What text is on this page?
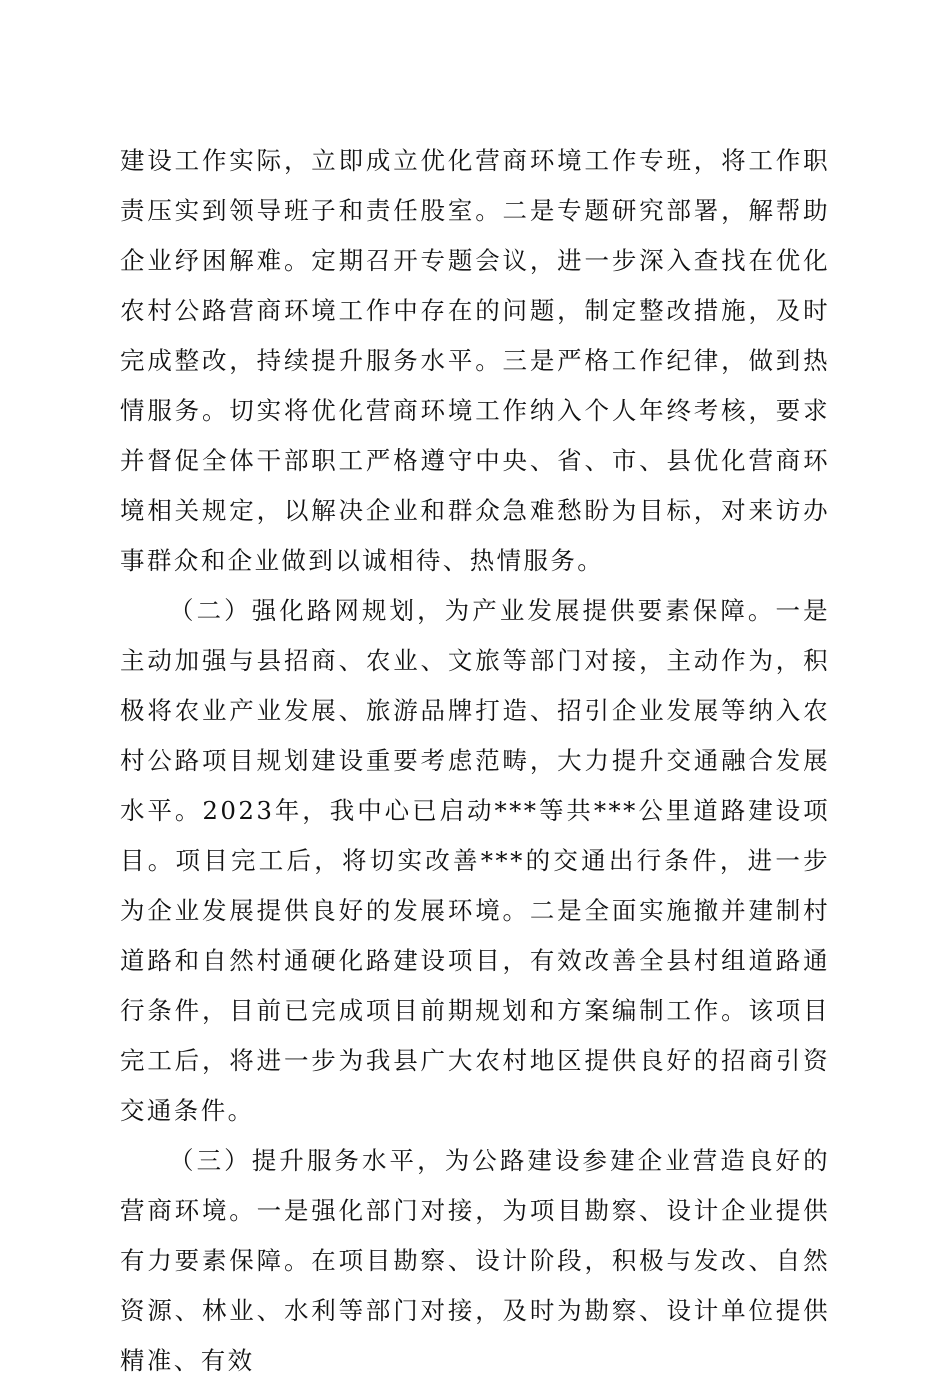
建设工作实际，立即成立优化营商环境工作专班，将工作职责压实到领导班子和责任股室。二是专题研究部署，解帮助企业纾困解难。定期召开专题会议，进一步深入查找在优化农村公路营商环境工作中存在的问题，制定整改措施，及时完成整改，持续提升服务水平。三是严格工作纪律，做到热情服务。切实将优化营商环境工作纳入个人年终考核，要求并督促全体干部职工严格遵守中央、省、市、县优化营商环境相关规定，以解决企业和群众急难愁盼为目标，对来访办事群众和企业做到以诚相待、热情服务。

（二）强化路网规划，为产业发展提供要素保障。一是主动加强与县招商、农业、文旅等部门对接，主动作为，积极将农业产业发展、旅游品牌打造、招引企业发展等纳入农村公路项目规划建设重要考虑范畴，大力提升交通融合发展水平。2023年，我中心已启动***等共***公里道路建设项目。项目完工后，将切实改善***的交通出行条件，进一步为企业发展提供良好的发展环境。二是全面实施撤并建制村道路和自然村通硬化路建设项目，有效改善全县村组道路通行条件，目前已完成项目前期规划和方案编制工作。该项目完工后，将进一步为我县广大农村地区提供良好的招商引资交通条件。

（三）提升服务水平，为公路建设参建企业营造良好的营商环境。一是强化部门对接，为项目勘察、设计企业提供有力要素保障。在项目勘察、设计阶段，积极与发改、自然资源、林业、水利等部门对接，及时为勘察、设计单位提供精准、有效
